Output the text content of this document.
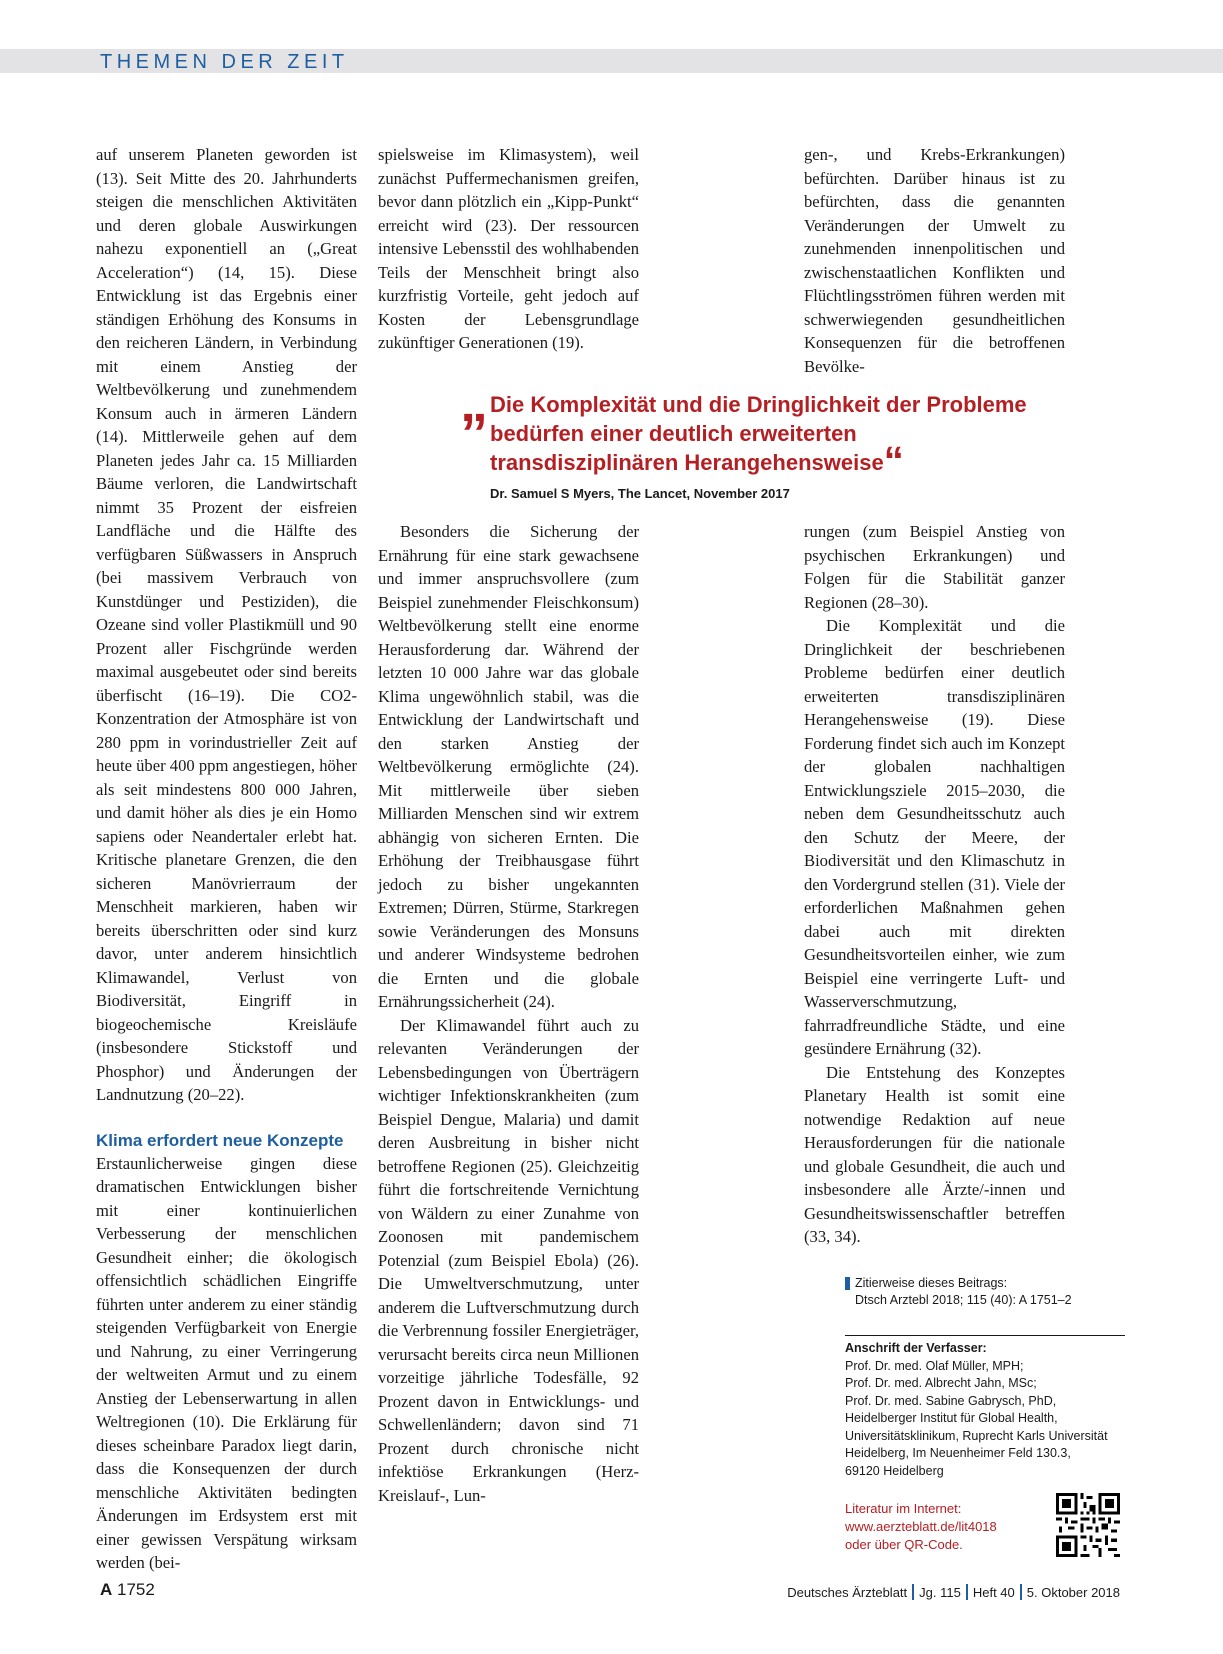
THEMEN DER ZEIT

auf unserem Planeten geworden ist (13). Seit Mitte des 20. Jahrhunderts steigen die menschlichen Aktivitäten und deren globale Auswirkungen nahezu exponentiell an („Great Acceleration“) (14, 15). Diese Entwicklung ist das Ergebnis einer ständigen Erhöhung des Konsums in den reicheren Ländern, in Verbindung mit einem Anstieg der Weltbevölkerung und zunehmendem Konsum auch in ärmeren Ländern (14). Mittlerweile gehen auf dem Planeten jedes Jahr ca. 15 Milliarden Bäume verloren, die Landwirtschaft nimmt 35 Prozent der eisfreien Landfläche und die Hälfte des verfügbaren Süßwassers in Anspruch (bei massivem Verbrauch von Kunstdünger und Pestiziden), die Ozeane sind voller Plastikmüll und 90 Prozent aller Fischgründe werden maximal ausgebeutet oder sind bereits überfischt (16–19). Die CO2-Konzentration der Atmosphäre ist von 280 ppm in vorindustrieller Zeit auf heute über 400 ppm angestiegen, höher als seit mindestens 800 000 Jahren, und damit höher als dies je ein Homo sapiens oder Neandertaler erlebt hat. Kritische planetare Grenzen, die den sicheren Manövrierraum der Menschheit markieren, haben wir bereits überschritten oder sind kurz davor, unter anderem hinsichtlich Klimawandel, Verlust von Biodiversität, Eingriff in biogeochemische Kreisläufe (insbesondere Stickstoff und Phosphor) und Änderungen der Landnutzung (20–22).

Klima erfordert neue Konzepte

Erstaunlicherweise gingen diese dramatischen Entwicklungen bisher mit einer kontinuierlichen Verbesserung der menschlichen Gesundheit einher; die ökologisch offensichtlich schädlichen Eingriffe führten unter anderem zu einer ständig steigenden Verfügbarkeit von Energie und Nahrung, zu einer Verringerung der weltweiten Armut und zu einem Anstieg der Lebenserwartung in allen Weltregionen (10). Die Erklärung für dieses scheinbare Paradox liegt darin, dass die Konsequenzen der durch menschliche Aktivitäten bedingten Änderungen im Erdsystem erst mit einer gewissen Verspätung wirksam werden (bei-

spielsweise im Klimasystem), weil zunächst Puffermechanismen greifen, bevor dann plötzlich ein „Kipp-Punkt“ erreicht wird (23). Der ressourcen intensive Lebensstil des wohlhabenden Teils der Menschheit bringt also kurzfristig Vorteile, geht jedoch auf Kosten der Lebensgrundlage zukünftiger Generationen (19).

gen-, und Krebs-Erkrankungen) befürchten. Darüber hinaus ist zu befürchten, dass die genannten Veränderungen der Umwelt zu zunehmenden innenpolitischen und zwischenstaatlichen Konflikten und Flüchtlingsströmen führen werden mit schwerwiegenden gesundheitlichen Konsequenzen für die betroffenen Bevölke-

„ Die Komplexität und die Dringlichkeit der Probleme bedürfen einer deutlich erweiterten transdisziplinären Herangehensweise“
Dr. Samuel S Myers, The Lancet, November 2017

Besonders die Sicherung der Ernährung für eine stark gewachsene und immer anspruchsvollere (zum Beispiel zunehmender Fleischkonsum) Weltbevölkerung stellt eine enorme Herausforderung dar. Während der letzten 10 000 Jahre war das globale Klima ungewöhnlich stabil, was die Entwicklung der Landwirtschaft und den starken Anstieg der Weltbevölkerung ermöglichte (24). Mit mittlerweile über sieben Milliarden Menschen sind wir extrem abhängig von sicheren Ernten. Die Erhöhung der Treibhausgase führt jedoch zu bisher ungekannten Extremen; Dürren, Stürme, Starkregen sowie Veränderungen des Monsuns und anderer Windsysteme bedrohen die Ernten und die globale Ernährungssicherheit (24).

Der Klimawandel führt auch zu relevanten Veränderungen der Lebensbedingungen von Überträgern wichtiger Infektionskrankheiten (zum Beispiel Dengue, Malaria) und damit deren Ausbreitung in bisher nicht betroffene Regionen (25). Gleichzeitig führt die fortschreitende Vernichtung von Wäldern zu einer Zunahme von Zoonosen mit pandemischem Potenzial (zum Beispiel Ebola) (26). Die Umweltverschmutzung, unter anderem die Luftverschmutzung durch die Verbrennung fossiler Energieträger, verursacht bereits circa neun Millionen vorzeitige jährliche Todesfälle, 92 Prozent davon in Entwicklungs- und Schwellenländern; davon sind 71 Prozent durch chronische nicht infektiöse Erkrankungen (Herz-Kreislauf-, Lun-

rungen (zum Beispiel Anstieg von psychischen Erkrankungen) und Folgen für die Stabilität ganzer Regionen (28–30).

Die Komplexität und die Dringlichkeit der beschriebenen Probleme bedürfen einer deutlich erweiterten transdisziplinären Herangehensweise (19). Diese Forderung findet sich auch im Konzept der globalen nachhaltigen Entwicklungsziele 2015–2030, die neben dem Gesundheitsschutz auch den Schutz der Meere, der Biodiversität und den Klimaschutz in den Vordergrund stellen (31). Viele der erforderlichen Maßnahmen gehen dabei auch mit direkten Gesundheitsvorteilen einher, wie zum Beispiel eine verringerte Luft- und Wasserverschmutzung, fahrradfreundliche Städte, und eine gesündere Ernährung (32).

Die Entstehung des Konzeptes Planetary Health ist somit eine notwendige Redaktion auf neue Herausforderungen für die nationale und globale Gesundheit, die auch und insbesondere alle Ärzte/-innen und Gesundheitswissenschaftler betreffen (33, 34).

Zitierweise dieses Beitrags:
Dtsch Arztebl 2018; 115 (40): A 1751–2
Anschrift der Verfasser:
Prof. Dr. med. Olaf Müller, MPH;
Prof. Dr. med. Albrecht Jahn, MSc;
Prof. Dr. med. Sabine Gabrysch, PhD,
Heidelberger Institut für Global Health,
Universitätsklinikum, Ruprecht Karls Universität
Heidelberg, Im Neuenheimer Feld 130.3,
69120 Heidelberg
Literatur im Internet:
www.aerzteblatt.de/lit4018
oder über QR-Code.
A 1752	Deutsches Ärzteblatt Jg. 115 Heft 40 5. Oktober 2018
